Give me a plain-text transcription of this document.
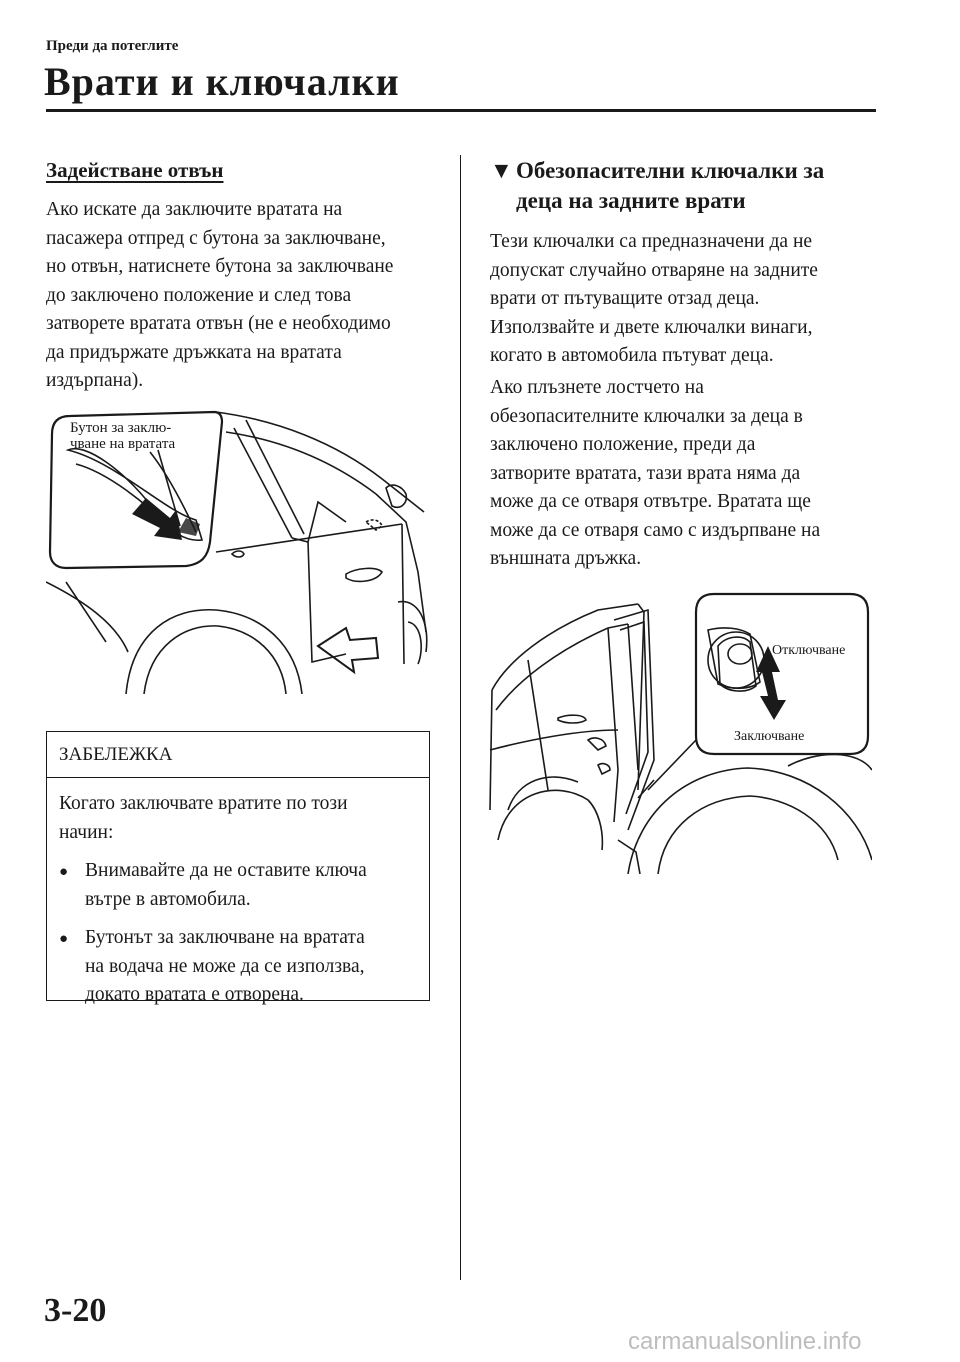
Преди да потеглите
Врати и ключалки
Задействане отвън
Ако искате да заключите вратата на
пасажера отпред с бутона за заключване,
но отвън, натиснете бутона за заключване
до заключено положение и след това
затворете вратата отвън (не е необходимо
да придържате дръжката на вратата
издърпана).
Бутон за заклю-
чване на вратата
ЗАБЕЛЕЖКА
Когато заключвате вратите по този
начин:
● Внимавайте да не оставите ключа
вътре в автомобила.
● Бутонът за заключване на вратата
на водача не може да се използва,
докато вратата е отворена.
▼ Обезопасителни ключалки за
деца на задните врати
Тези ключалки са предназначени да не
допускат случайно отваряне на задните
врати от пътуващите отзад деца.
Използвайте и двете ключалки винаги,
когато в автомобила пътуват деца.
Ако плъзнете лостчето на
обезопасителните ключалки за деца в
заключено положение, преди да
затворите вратата, тази врата няма да
може да се отваря отвътре. Вратата ще
може да се отваря само с издърпване на
външната дръжка.
Отключване
Заключване
3-20
carmanualsonline.info
